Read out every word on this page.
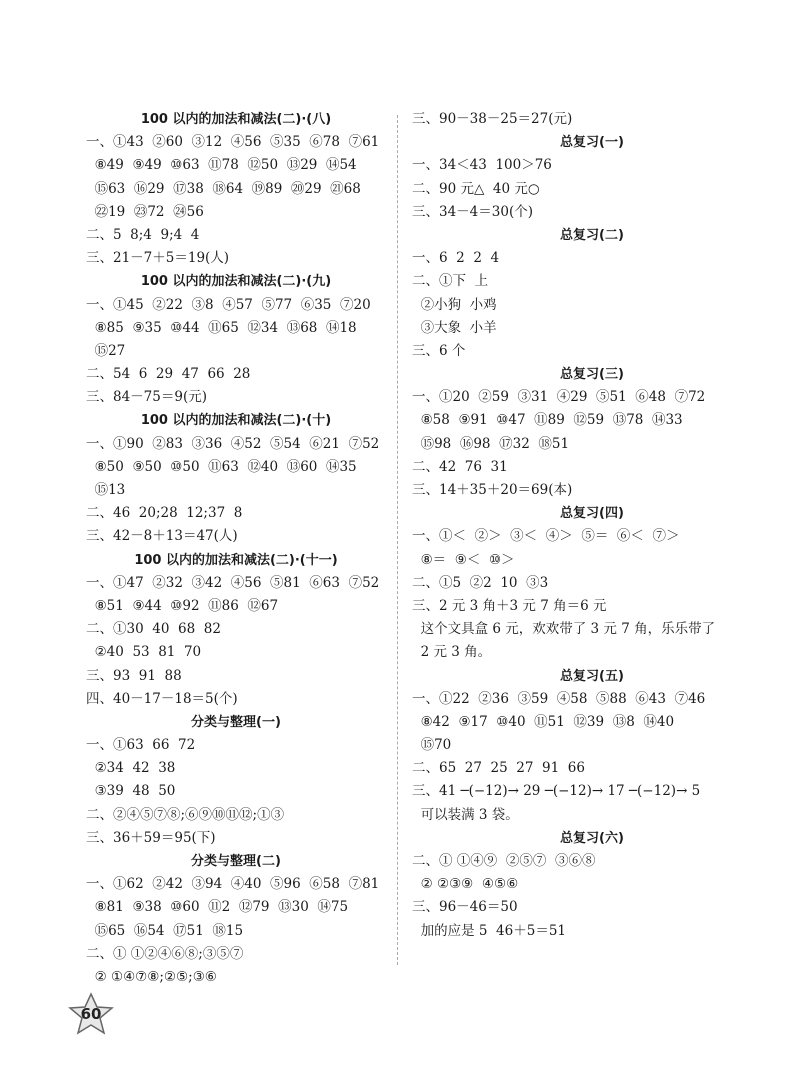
100 以内的加法和减法(二)·(八)
一、①43  ②60  ③12  ④56  ⑤35  ⑥78  ⑦61
⑧49  ⑨49  ⑩63  ⑪78  ⑫50  ⑬29  ⑭54
⑮63  ⑯29  ⑰38  ⑱64  ⑲89  ⑳29  ㉑68
㉒19  ㉓72  ㉔56
二、5  8;4  9;4  4
三、21－7＋5＝19(人)
100 以内的加法和减法(二)·(九)
一、①45  ②22  ③8  ④57  ⑤77  ⑥35  ⑦20
⑧85  ⑨35  ⑩44  ⑪65  ⑫34  ⑬68  ⑭18
⑮27
二、54  6  29  47  66  28
三、84－75＝9(元)
100 以内的加法和减法(二)·(十)
一、①90  ②83  ③36  ④52  ⑤54  ⑥21  ⑦52
⑧50  ⑨50  ⑩50  ⑪63  ⑫40  ⑬60  ⑭35
⑮13
二、46  20;28  12;37  8
三、42－8＋13＝47(人)
100 以内的加法和减法(二)·(十一)
一、①47  ②32  ③42  ④56  ⑤81  ⑥63  ⑦52
⑧51  ⑨44  ⑩92  ⑪86  ⑫67
二、①30  40  68  82
②40  53  81  70
三、93  91  88
四、40－17－18＝5(个)
分类与整理(一)
一、①63  66  72
②34  42  38
③39  48  50
二、②④⑤⑦⑧;⑥⑨⑩⑪⑫;①③
三、36＋59＝95(下)
分类与整理(二)
一、①62  ②42  ③94  ④40  ⑤96  ⑥58  ⑦81
⑧81  ⑨38  ⑩60  ⑪2  ⑫79  ⑬30  ⑭75
⑮65  ⑯54  ⑰51  ⑱15
二、① ①②④⑥⑧;③⑤⑦
② ①④⑦⑧;②⑤;③⑥
三、90－38－25＝27(元)
总复习(一)
一、34＜43  100＞76
二、90 元△  40 元○
三、34－4＝30(个)
总复习(二)
一、6  2  2  4
二、①下  上
②小狗  小鸡
③大象  小羊
三、6 个
总复习(三)
一、①20  ②59  ③31  ④29  ⑤51  ⑥48  ⑦72
⑧58  ⑨91  ⑩47  ⑪89  ⑫59  ⑬78  ⑭33
⑮98  ⑯98  ⑰32  ⑱51
二、42  76  31
三、14＋35＋20＝69(本)
总复习(四)
一、①＜  ②＞  ③＜  ④＞  ⑤＝  ⑥＜  ⑦＞
⑧＝  ⑨＜  ⑩＞
二、①5  ②2  10  ③3
三、2 元 3 角＋3 元 7 角＝6 元
这个文具盒 6 元，欢欢带了 3 元 7 角，乐乐带了
2 元 3 角。
总复习(五)
一、①22  ②36  ③59  ④58  ⑤88  ⑥43  ⑦46
⑧42  ⑨17  ⑩40  ⑪51  ⑫39  ⑬8  ⑭40
⑮70
二、65  27  25  27  91  66
三、41 ─(−12)→ 29 ─(−12)→ 17 ─(−12)→ 5
可以装满 3 袋。
总复习(六)
二、① ①④⑨  ②⑤⑦  ③⑥⑧
② ②③⑨  ④⑤⑥
三、96－46＝50
加的应是 5  46＋5＝51
60
